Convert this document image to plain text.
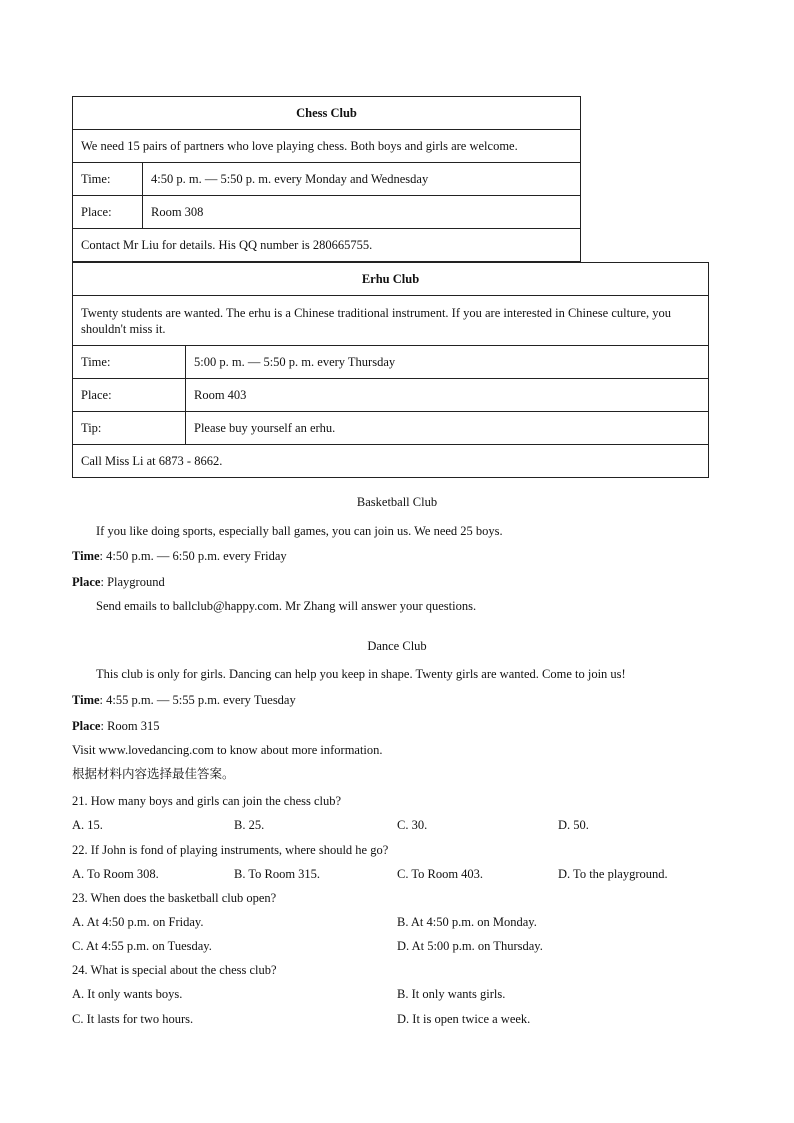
Chess Club	
We need 15 pairs of partners who love playing chess. Both boys and girls are welcome.	
Time:	4:50 p. m. — 5:50 p. m. every Monday and Wednesday
Place:	Room 308
Contact Mr Liu for details. His QQ number is 280665755.	
Erhu Club	
Twenty students are wanted. The erhu is a Chinese traditional instrument. If you are interested in Chinese culture, you shouldn't miss it.	
Time:	5:00 p. m. — 5:50 p. m. every Thursday
Place:	Room 403
Tip:	Please buy yourself an erhu.
Call Miss Li at 6873 - 8662.	
Basketball Club
If you like doing sports, especially ball games, you can join us. We need 25 boys.
Time: 4:50 p.m. — 6:50 p.m. every Friday
Place: Playground
Send emails to ballclub@happy.com. Mr Zhang will answer your questions.
Dance Club
This club is only for girls. Dancing can help you keep in shape. Twenty girls are wanted. Come to join us!
Time: 4:55 p.m. — 5:55 p.m. every Tuesday
Place: Room 315
Visit www.lovedancing.com to know about more information.
根据材料内容选择最佳答案。
21. How many boys and girls can join the chess club?
A. 15.	B. 25.	C. 30.	D. 50.
22. If John is fond of playing instruments, where should he go?
A. To Room 308.	B. To Room 315.	C. To Room 403.	D. To the playground.
23. When does the basketball club open?
A. At 4:50 p.m. on Friday.	B. At 4:50 p.m. on Monday.
C. At 4:55 p.m. on Tuesday.	D. At 5:00 p.m. on Thursday.
24. What is special about the chess club?
A. It only wants boys.	B. It only wants girls.
C. It lasts for two hours.	D. It is open twice a week.
